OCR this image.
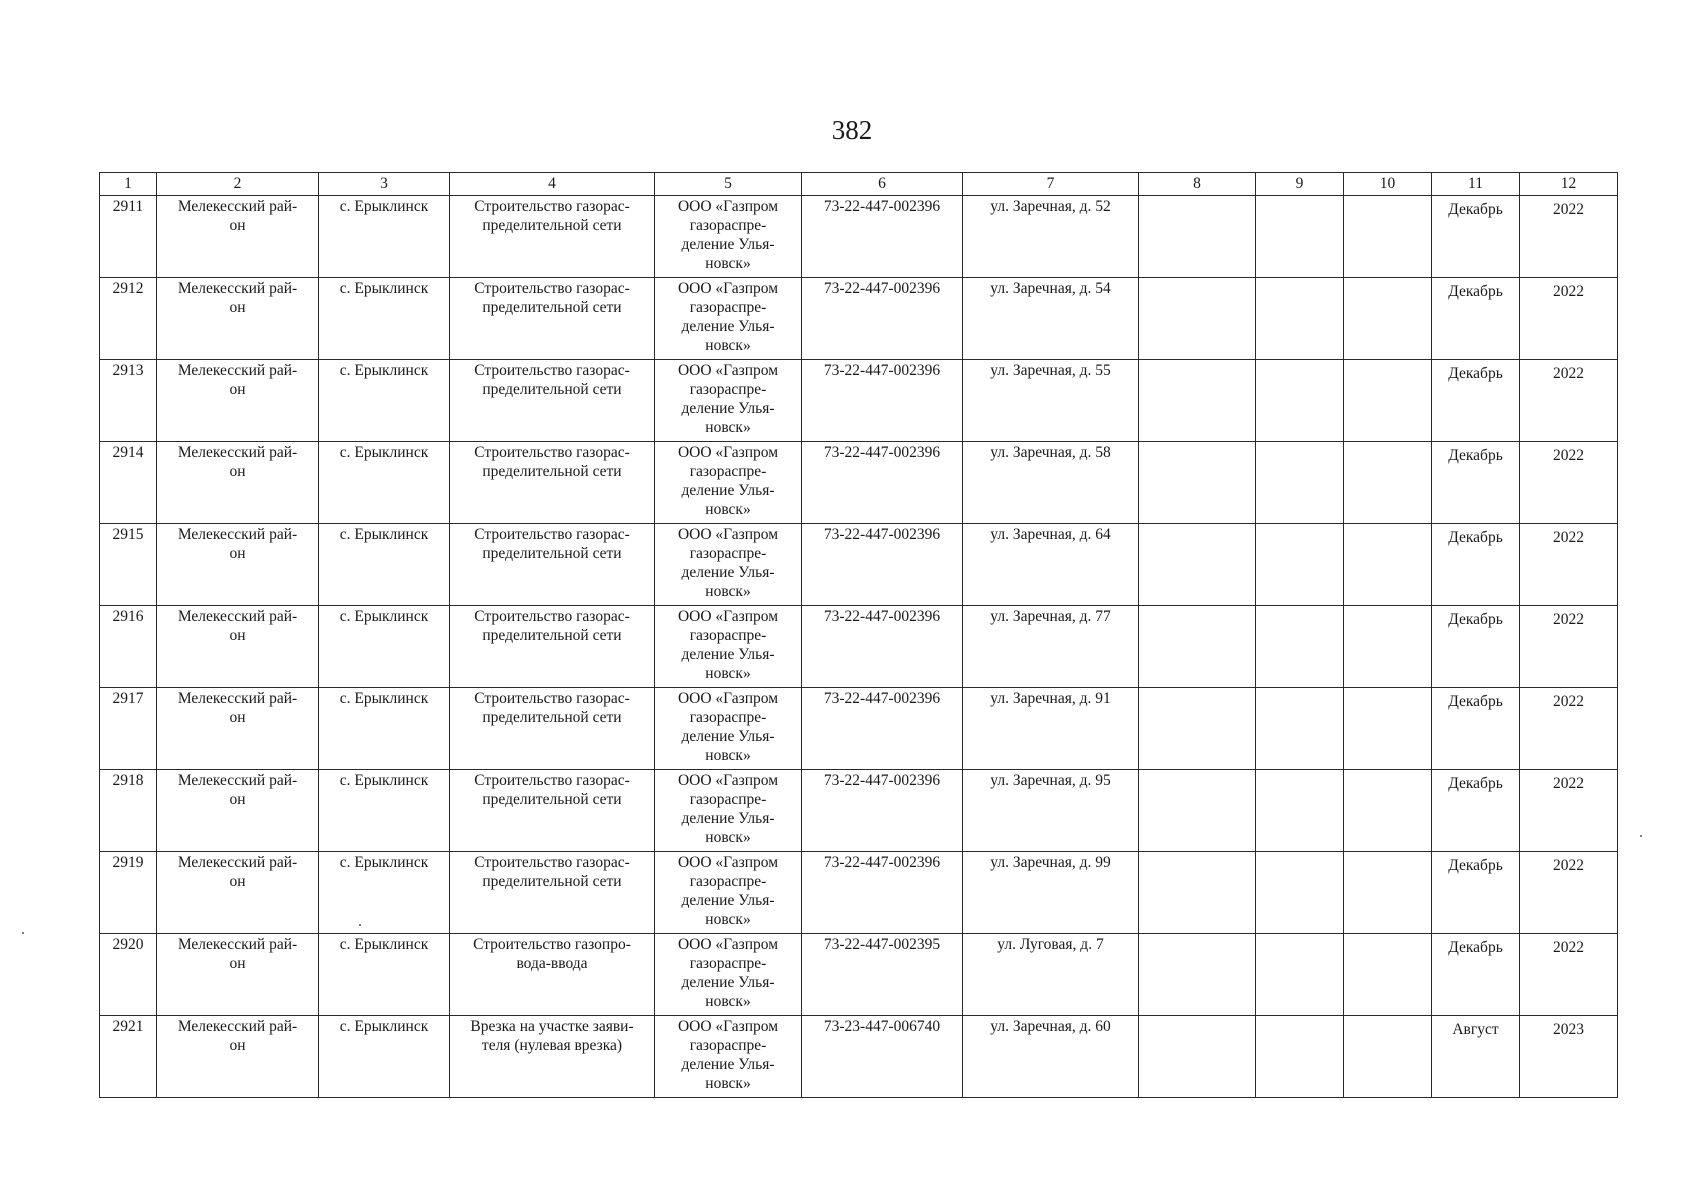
382
1	2	3	4	5	6	7	8	9	10	11	12
2911	Мелекесский рай-
он	с. Ерыклинск	Строительство газорас-
пределительной сети	ООО «Газпром
газораспре-
деление Улья-
новск»	73-22-447-002396	ул. Заречная, д. 52				Декабрь	2022
2912	Мелекесский рай-
он	с. Ерыклинск	Строительство газорас-
пределительной сети	ООО «Газпром
газораспре-
деление Улья-
новск»	73-22-447-002396	ул. Заречная, д. 54				Декабрь	2022
2913	Мелекесский рай-
он	с. Ерыклинск	Строительство газорас-
пределительной сети	ООО «Газпром
газораспре-
деление Улья-
новск»	73-22-447-002396	ул. Заречная, д. 55				Декабрь	2022
2914	Мелекесский рай-
он	с. Ерыклинск	Строительство газорас-
пределительной сети	ООО «Газпром
газораспре-
деление Улья-
новск»	73-22-447-002396	ул. Заречная, д. 58				Декабрь	2022
2915	Мелекесский рай-
он	с. Ерыклинск	Строительство газорас-
пределительной сети	ООО «Газпром
газораспре-
деление Улья-
новск»	73-22-447-002396	ул. Заречная, д. 64				Декабрь	2022
2916	Мелекесский рай-
он	с. Ерыклинск	Строительство газорас-
пределительной сети	ООО «Газпром
газораспре-
деление Улья-
новск»	73-22-447-002396	ул. Заречная, д. 77				Декабрь	2022
2917	Мелекесский рай-
он	с. Ерыклинск	Строительство газорас-
пределительной сети	ООО «Газпром
газораспре-
деление Улья-
новск»	73-22-447-002396	ул. Заречная, д. 91				Декабрь	2022
2918	Мелекесский рай-
он	с. Ерыклинск	Строительство газорас-
пределительной сети	ООО «Газпром
газораспре-
деление Улья-
новск»	73-22-447-002396	ул. Заречная, д. 95				Декабрь	2022
2919	Мелекесский рай-
он	с. Ерыклинск	Строительство газорас-
пределительной сети	ООО «Газпром
газораспре-
деление Улья-
новск»	73-22-447-002396	ул. Заречная, д. 99				Декабрь	2022
2920	Мелекесский рай-
он	с. Ерыклинск	Строительство газопро-
вода-ввода	ООО «Газпром
газораспре-
деление Улья-
новск»	73-22-447-002395	ул. Луговая, д. 7				Декабрь	2022
2921	Мелекесский рай-
он	с. Ерыклинск	Врезка на участке заяви-
теля (нулевая врезка)	ООО «Газпром
газораспре-
деление Улья-
новск»	73-23-447-006740	ул. Заречная, д. 60				Август	2023
